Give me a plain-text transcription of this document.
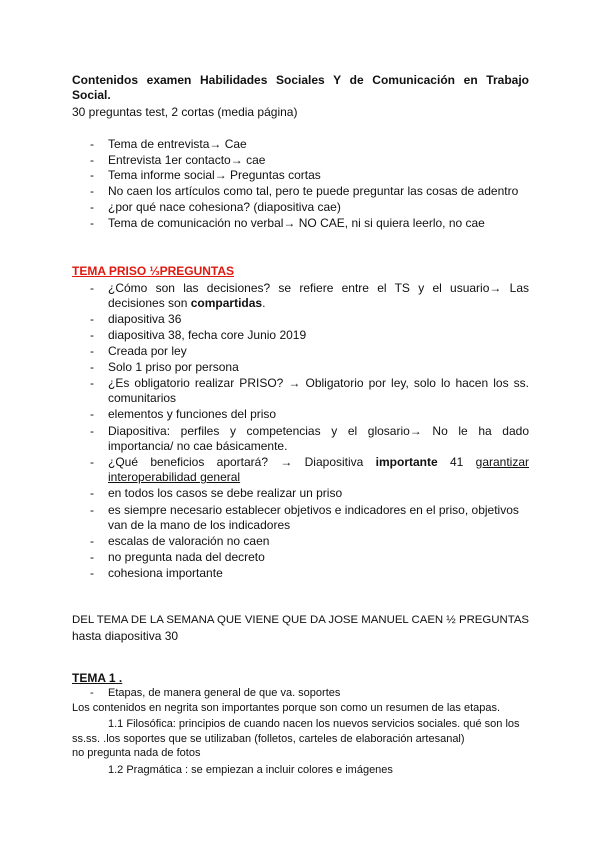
Contenidos examen Habilidades Sociales Y de Comunicación en Trabajo
Social.
30 preguntas test, 2 cortas (media página)
- Tema de entrevista→ Cae
- Entrevista 1er contacto→ cae
- Tema informe social→ Preguntas cortas
- No caen los artículos como tal, pero te puede preguntar las cosas de adentro
- ¿por qué nace cohesiona? (diapositiva cae)
- Tema de comunicación no verbal→ NO CAE, ni si quiera leerlo, no cae
TEMA PRISO ⅓PREGUNTAS
- ¿Cómo son las decisiones? se refiere entre el TS y el usuario→ Las
decisiones son compartidas.
- diapositiva 36
- diapositiva 38, fecha core Junio 2019
- Creada por ley
- Solo 1 priso por persona
- ¿Es obligatorio realizar PRISO? → Obligatorio por ley, solo lo hacen los ss.
comunitarios
- elementos y funciones del priso
- Diapositiva: perfiles y competencias y el glosario→ No le ha dado
importancia/ no cae básicamente.
- ¿Qué beneficios aportará? → Diapositiva importante 41 garantizar
interoperabilidad general
- en todos los casos se debe realizar un priso
- es siempre necesario establecer objetivos e indicadores en el priso, objetivos
van de la mano de los indicadores
- escalas de valoración no caen
- no pregunta nada del decreto
- cohesiona importante
DEL TEMA DE LA SEMANA QUE VIENE QUE DA JOSE MANUEL CAEN ½ PREGUNTAS
hasta diapositiva 30
TEMA 1 .
- Etapas, de manera general de que va. soportes
Los contenidos en negrita son importantes porque son como un resumen de las etapas.
1.1 Filosófica: principios de cuando nacen los nuevos servicios sociales. qué son los
ss.ss. .los soportes que se utilizaban (folletos, carteles de elaboración artesanal)
no pregunta nada de fotos
1.2 Pragmática : se empiezan a incluir colores e imágenes
